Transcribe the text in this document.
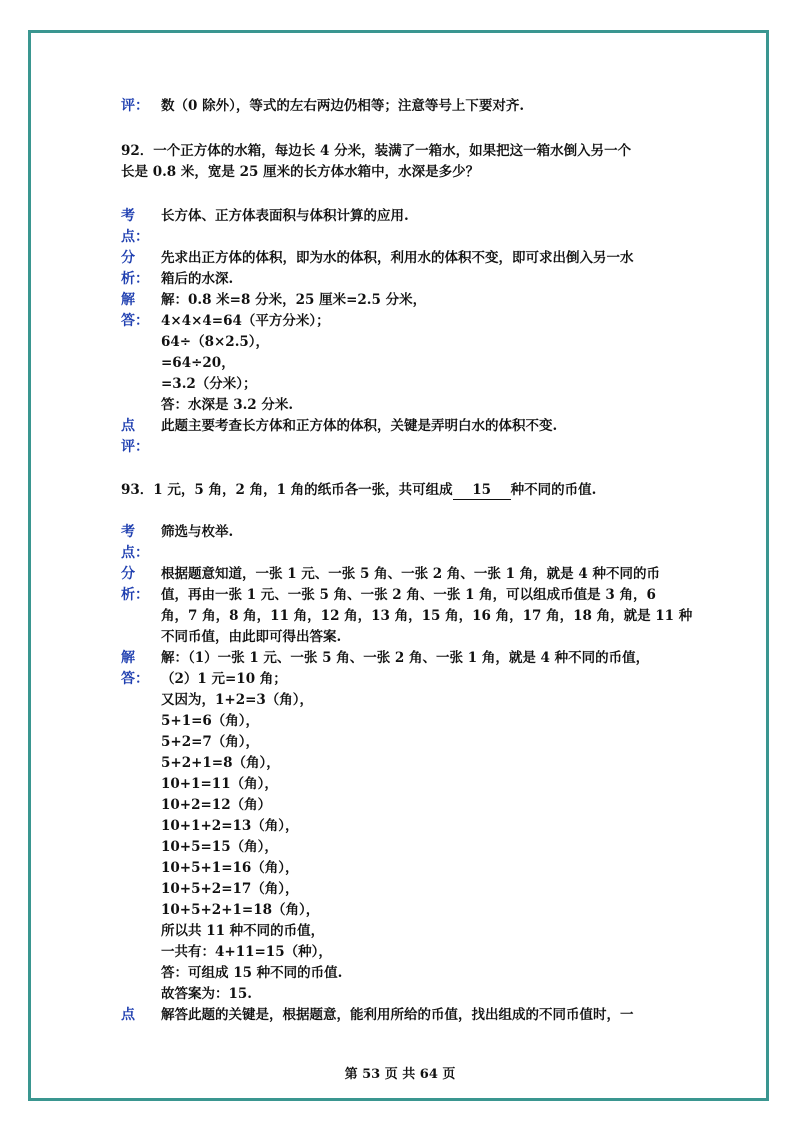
评： 数（0 除外），等式的左右两边仍相等；注意等号上下要对齐.
92．一个正方体的水箱，每边长 4 分米，装满了一箱水，如果把这一箱水倒入另一个
长是 0.8 米，宽是 25 厘米的长方体水箱中，水深是多少？
考
点：
长方体、正方体表面积与体积计算的应用.
分
析：
先求出正方体的体积，即为水的体积，利用水的体积不变，即可求出倒入另一水
箱后的水深.
解
答：
解：0.8 米=8 分米，25 厘米=2.5 分米，
4×4×4=64（平方分米）；
64÷（8×2.5），
=64÷20，
=3.2（分米）；
答：水深是 3.2 分米.
点
评：
此题主要考查长方体和正方体的体积，关键是弄明白水的体积不变.
93．1 元，5 角，2 角，1 角的纸币各一张，共可组成 15 种不同的币值.
考
点：
筛选与枚举.
分
析：
根据题意知道，一张 1 元、一张 5 角、一张 2 角、一张 1 角，就是 4 种不同的币
值，再由一张 1 元、一张 5 角、一张 2 角、一张 1 角，可以组成币值是 3 角，6
角，7 角，8 角，11 角，12 角，13 角，15 角，16 角，17 角，18 角，就是 11 种
不同币值，由此即可得出答案.
解
答：
解：（1）一张 1 元、一张 5 角、一张 2 角、一张 1 角，就是 4 种不同的币值，
（2）1 元=10 角；
又因为，1+2=3（角），
5+1=6（角），
5+2=7（角），
5+2+1=8（角），
10+1=11（角），
10+2=12（角）
10+1+2=13（角），
10+5=15（角），
10+5+1=16（角），
10+5+2=17（角），
10+5+2+1=18（角），
所以共 11 种不同的币值，
一共有：4+11=15（种），
答：可组成 15 种不同的币值.
故答案为：15.
点 解答此题的关键是，根据题意，能利用所给的币值，找出组成的不同币值时，一
第 53 页 共 64 页
